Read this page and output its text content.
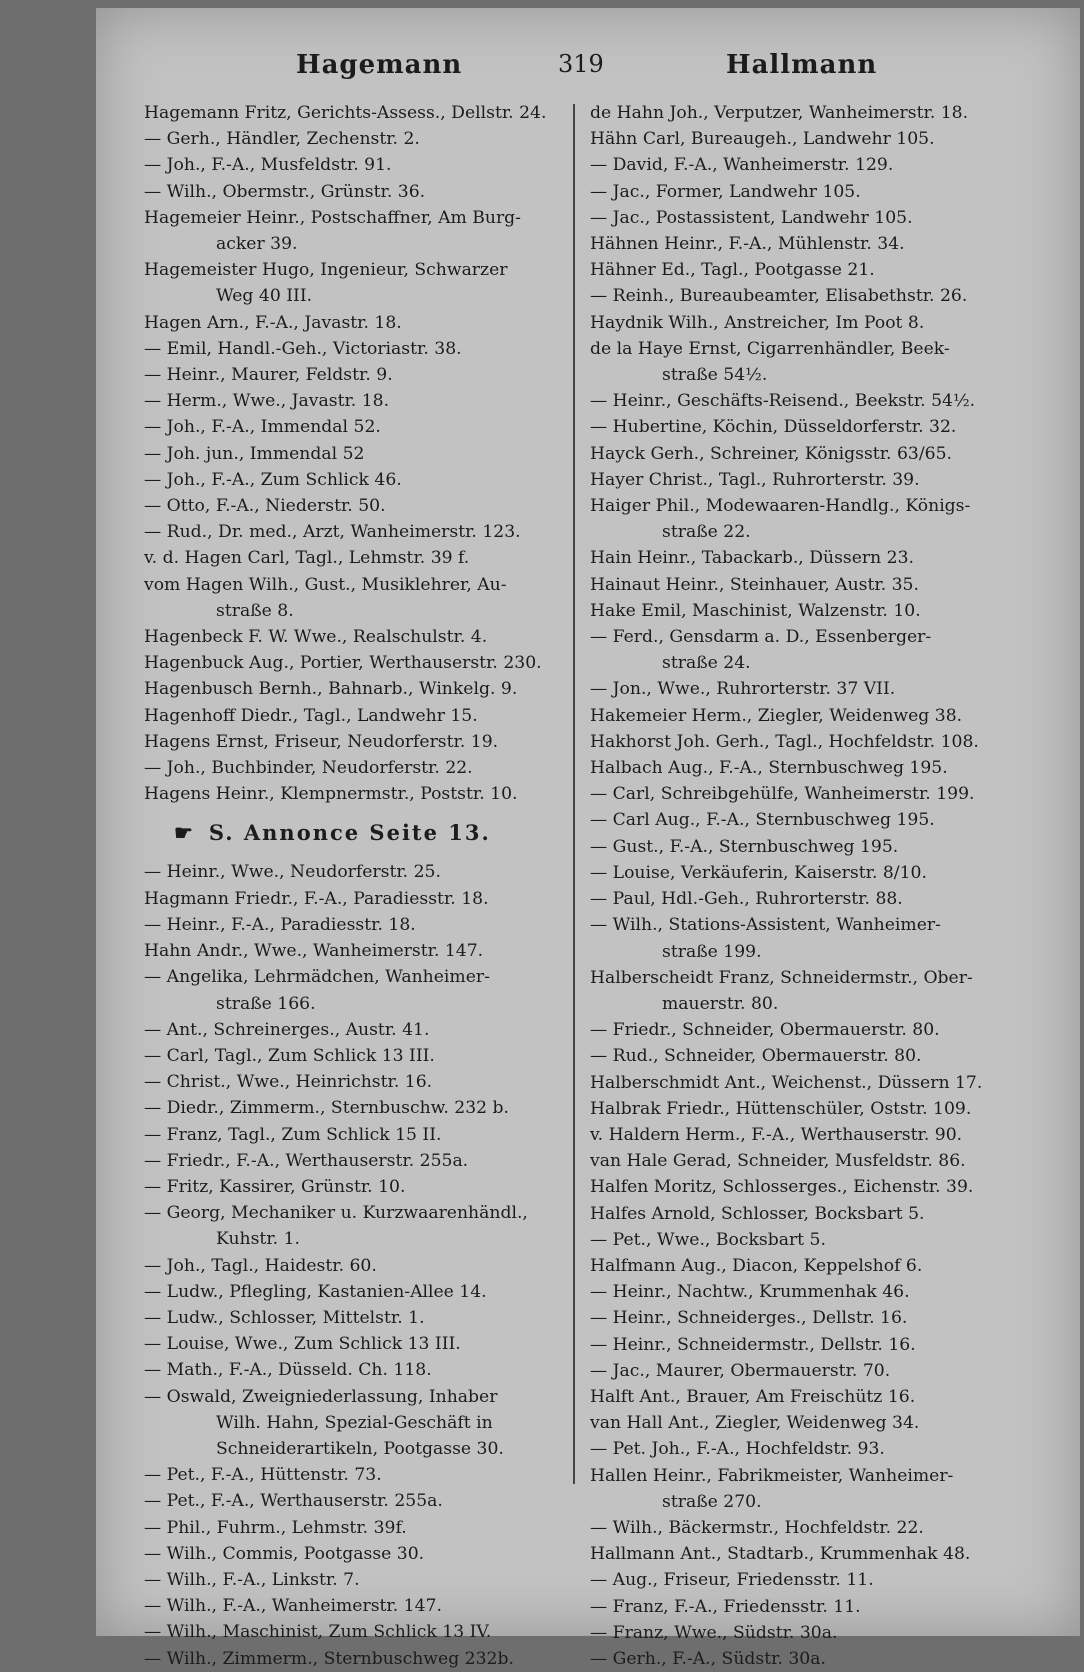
Hagemann	319	Hallmann
Hagemann Fritz, Gerichts-Assess., Dellstr. 24.
— Gerh., Händler, Zechenstr. 2.
— Joh., F.-A., Musfeldstr. 91.
— Wilh., Obermstr., Grünstr. 36.
Hagemeier Heinr., Postschaffner, Am Burg-
acker 39.
Hagemeister Hugo, Ingenieur, Schwarzer
Weg 40 III.
Hagen Arn., F.-A., Javastr. 18.
— Emil, Handl.-Geh., Victoriastr. 38.
— Heinr., Maurer, Feldstr. 9.
— Herm., Wwe., Javastr. 18.
— Joh., F.-A., Immendal 52.
— Joh. jun., Immendal 52
— Joh., F.-A., Zum Schlick 46.
— Otto, F.-A., Niederstr. 50.
— Rud., Dr. med., Arzt, Wanheimerstr. 123.
v. d. Hagen Carl, Tagl., Lehmstr. 39 f.
vom Hagen Wilh., Gust., Musiklehrer, Au-
straße 8.
Hagenbeck F. W. Wwe., Realschulstr. 4.
Hagenbuck Aug., Portier, Werthauserstr. 230.
Hagenbusch Bernh., Bahnarb., Winkelg. 9.
Hagenhoff Diedr., Tagl., Landwehr 15.
Hagens Ernst, Friseur, Neudorferstr. 19.
— Joh., Buchbinder, Neudorferstr. 22.
Hagens Heinr., Klempnermstr., Poststr. 10.
☛ S. Annonce Seite 13.
— Heinr., Wwe., Neudorferstr. 25.
Hagmann Friedr., F.-A., Paradiesstr. 18.
— Heinr., F.-A., Paradiesstr. 18.
Hahn Andr., Wwe., Wanheimerstr. 147.
— Angelika, Lehrmädchen, Wanheimer-
straße 166.
— Ant., Schreinerges., Austr. 41.
— Carl, Tagl., Zum Schlick 13 III.
— Christ., Wwe., Heinrichstr. 16.
— Diedr., Zimmerm., Sternbuschw. 232 b.
— Franz, Tagl., Zum Schlick 15 II.
— Friedr., F.-A., Werthauserstr. 255a.
— Fritz, Kassirer, Grünstr. 10.
— Georg, Mechaniker u. Kurzwaarenhändl.,
Kuhstr. 1.
— Joh., Tagl., Haidestr. 60.
— Ludw., Pflegling, Kastanien-Allee 14.
— Ludw., Schlosser, Mittelstr. 1.
— Louise, Wwe., Zum Schlick 13 III.
— Math., F.-A., Düsseld. Ch. 118.
— Oswald, Zweigniederlassung, Inhaber
Wilh. Hahn, Spezial-Geschäft in
Schneiderartikeln, Pootgasse 30.
— Pet., F.-A., Hüttenstr. 73.
— Pet., F.-A., Werthauserstr. 255a.
— Phil., Fuhrm., Lehmstr. 39f.
— Wilh., Commis, Pootgasse 30.
— Wilh., F.-A., Linkstr. 7.
— Wilh., F.-A., Wanheimerstr. 147.
— Wilh., Maschinist, Zum Schlick 13 IV.
— Wilh., Zimmerm., Sternbuschweg 232b.
de Hahn Joh., Verputzer, Wanheimerstr. 18.
Hähn Carl, Bureaugeh., Landwehr 105.
— David, F.-A., Wanheimerstr. 129.
— Jac., Former, Landwehr 105.
— Jac., Postassistent, Landwehr 105.
Hähnen Heinr., F.-A., Mühlenstr. 34.
Hähner Ed., Tagl., Pootgasse 21.
— Reinh., Bureaubeamter, Elisabethstr. 26.
Haydnik Wilh., Anstreicher, Im Poot 8.
de la Haye Ernst, Cigarrenhändler, Beek-
straße 54½.
— Heinr., Geschäfts-Reisend., Beekstr. 54½.
— Hubertine, Köchin, Düsseldorferstr. 32.
Hayck Gerh., Schreiner, Königsstr. 63/65.
Hayer Christ., Tagl., Ruhrorterstr. 39.
Haiger Phil., Modewaaren-Handlg., Königs-
straße 22.
Hain Heinr., Tabackarb., Düssern 23.
Hainaut Heinr., Steinhauer, Austr. 35.
Hake Emil, Maschinist, Walzenstr. 10.
— Ferd., Gensdarm a. D., Essenberger-
straße 24.
— Jon., Wwe., Ruhrorterstr. 37 VII.
Hakemeier Herm., Ziegler, Weidenweg 38.
Hakhorst Joh. Gerh., Tagl., Hochfeldstr. 108.
Halbach Aug., F.-A., Sternbuschweg 195.
— Carl, Schreibgehülfe, Wanheimerstr. 199.
— Carl Aug., F.-A., Sternbuschweg 195.
— Gust., F.-A., Sternbuschweg 195.
— Louise, Verkäuferin, Kaiserstr. 8/10.
— Paul, Hdl.-Geh., Ruhrorterstr. 88.
— Wilh., Stations-Assistent, Wanheimer-
straße 199.
Halberscheidt Franz, Schneidermstr., Ober-
mauerstr. 80.
— Friedr., Schneider, Obermauerstr. 80.
— Rud., Schneider, Obermauerstr. 80.
Halberschmidt Ant., Weichenst., Düssern 17.
Halbrak Friedr., Hüttenschüler, Oststr. 109.
v. Haldern Herm., F.-A., Werthauserstr. 90.
van Hale Gerad, Schneider, Musfeldstr. 86.
Halfen Moritz, Schlosserges., Eichenstr. 39.
Halfes Arnold, Schlosser, Bocksbart 5.
— Pet., Wwe., Bocksbart 5.
Halfmann Aug., Diacon, Keppelshof 6.
— Heinr., Nachtw., Krummenhak 46.
— Heinr., Schneiderges., Dellstr. 16.
— Heinr., Schneidermstr., Dellstr. 16.
— Jac., Maurer, Obermauerstr. 70.
Halft Ant., Brauer, Am Freischütz 16.
van Hall Ant., Ziegler, Weidenweg 34.
— Pet. Joh., F.-A., Hochfeldstr. 93.
Hallen Heinr., Fabrikmeister, Wanheimer-
straße 270.
— Wilh., Bäckermstr., Hochfeldstr. 22.
Hallmann Ant., Stadtarb., Krummenhak 48.
— Aug., Friseur, Friedensstr. 11.
— Franz, F.-A., Friedensstr. 11.
— Franz, Wwe., Südstr. 30a.
— Gerh., F.-A., Südstr. 30a.
